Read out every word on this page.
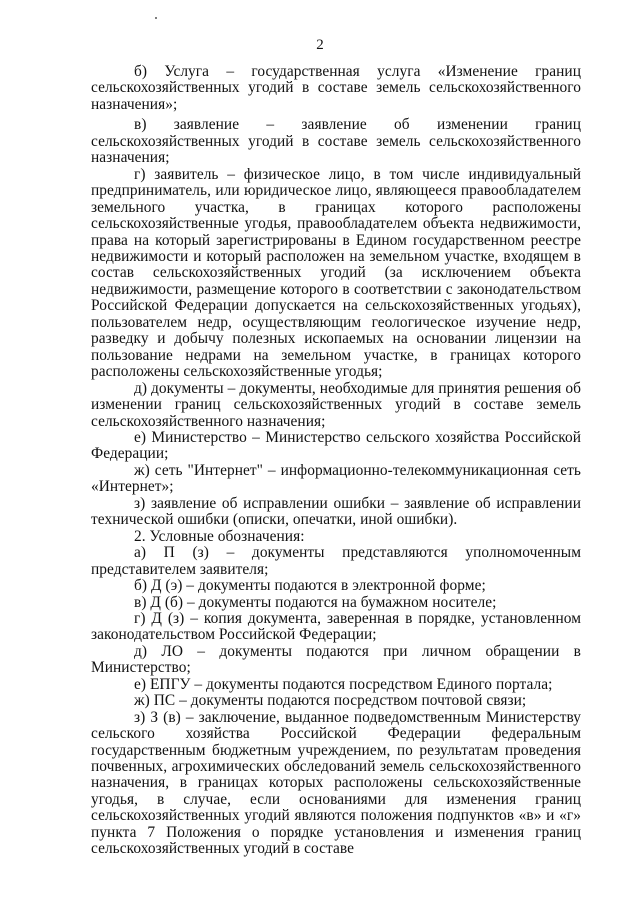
2

б) Услуга – государственная услуга «Изменение границ сельскохозяйственных угодий в составе земель сельскохозяйственного назначения»;

в) заявление – заявление об изменении границ сельскохозяйственных угодий в составе земель сельскохозяйственного назначения;

г) заявитель – физическое лицо, в том числе индивидуальный предприниматель, или юридическое лицо, являющееся правообладателем земельного участка, в границах которого расположены сельскохозяйственные угодья, правообладателем объекта недвижимости, права на который зарегистрированы в Едином государственном реестре недвижимости и который расположен на земельном участке, входящем в состав сельскохозяйственных угодий (за исключением объекта недвижимости, размещение которого в соответствии с законодательством Российской Федерации допускается на сельскохозяйственных угодьях), пользователем недр, осуществляющим геологическое изучение недр, разведку и добычу полезных ископаемых на основании лицензии на пользование недрами на земельном участке, в границах которого расположены сельскохозяйственные угодья;

д) документы – документы, необходимые для принятия решения об изменении границ сельскохозяйственных угодий в составе земель сельскохозяйственного назначения;

е) Министерство – Министерство сельского хозяйства Российской Федерации;

ж) сеть "Интернет" – информационно-телекоммуникационная сеть «Интернет»;

з) заявление об исправлении ошибки – заявление об исправлении технической ошибки (описки, опечатки, иной ошибки).

2. Условные обозначения:

а) П (з) – документы представляются уполномоченным представителем заявителя;

б) Д (э) – документы подаются в электронной форме;

в) Д (б) – документы подаются на бумажном носителе;

г) Д (з) – копия документа, заверенная в порядке, установленном законодательством Российской Федерации;

д) ЛО – документы подаются при личном обращении в Министерство;

е) ЕПГУ – документы подаются посредством Единого портала;

ж) ПС – документы подаются посредством почтовой связи;

з) З (в) – заключение, выданное подведомственным Министерству сельского хозяйства Российской Федерации федеральным государственным бюджетным учреждением, по результатам проведения почвенных, агрохимических обследований земель сельскохозяйственного назначения, в границах которых расположены сельскохозяйственные угодья, в случае, если основаниями для изменения границ сельскохозяйственных угодий являются положения подпунктов «в» и «г» пункта 7 Положения о порядке установления и изменения границ сельскохозяйственных угодий в составе
